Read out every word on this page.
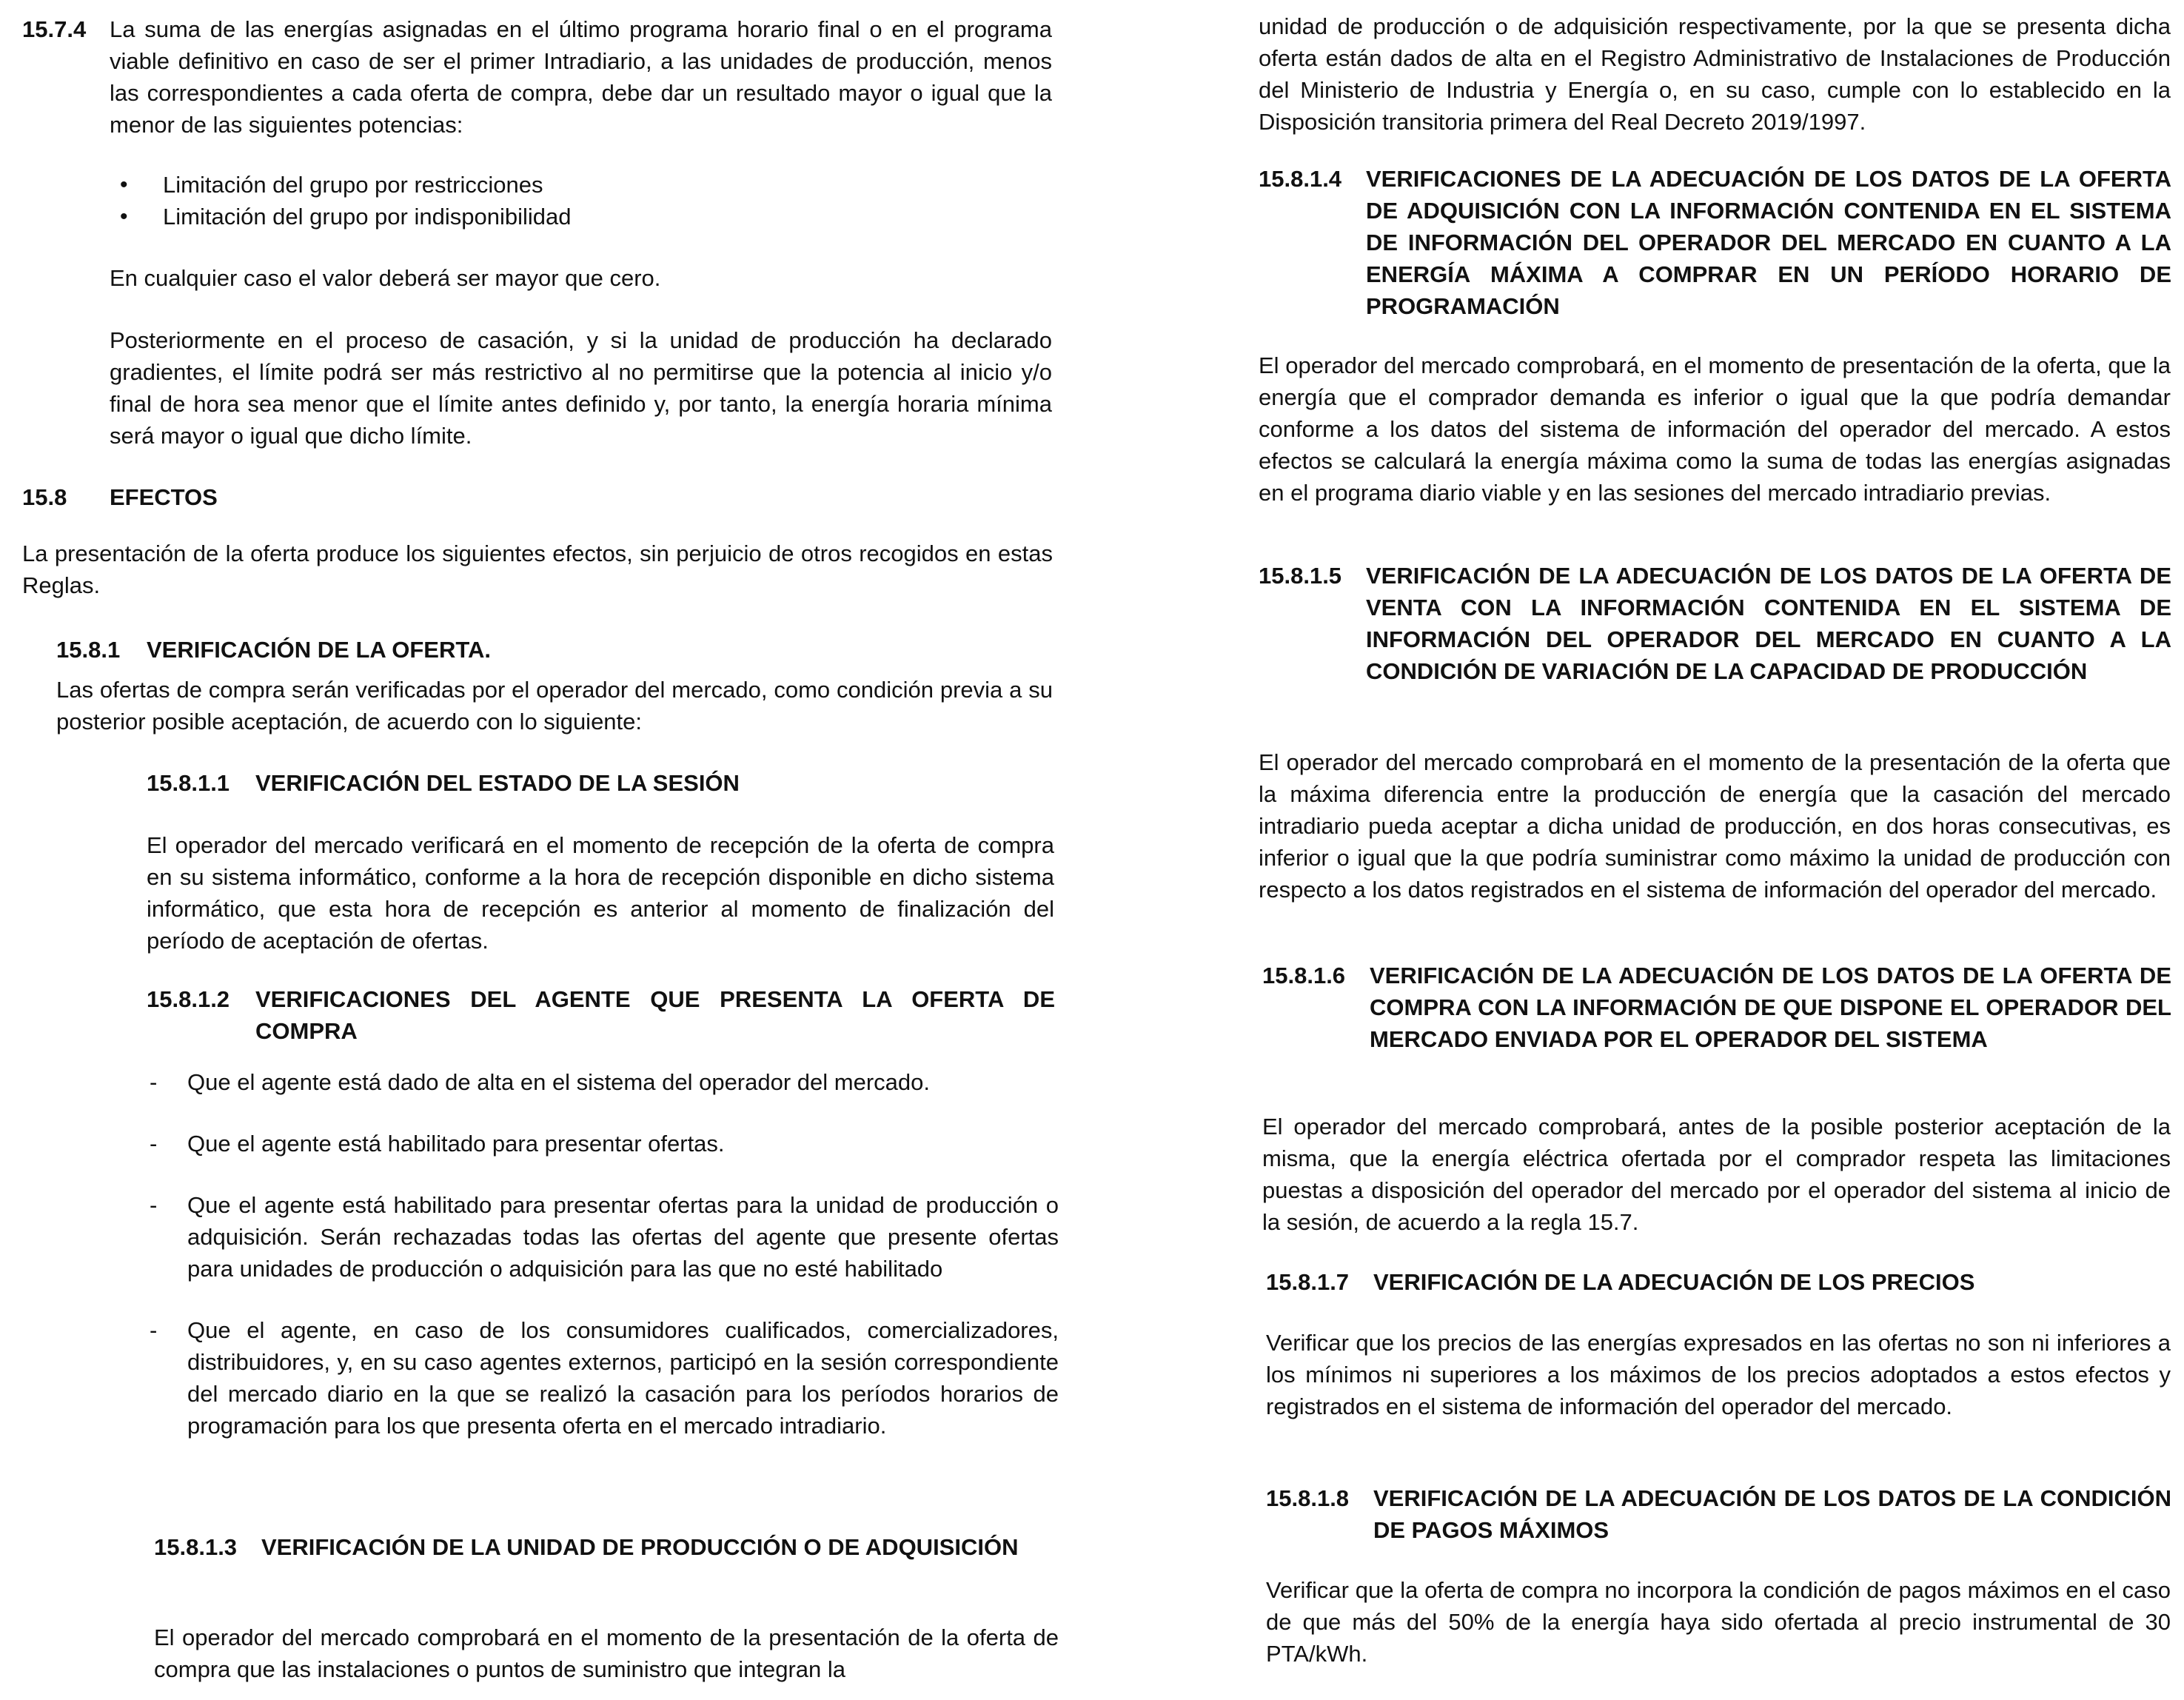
15.7.4 La suma de las energías asignadas en el último programa horario final o en el programa viable definitivo en caso de ser el primer Intradiario, a las unidades de producción, menos las correspondientes a cada oferta de compra, debe dar un resultado mayor o igual que la menor de las siguientes potencias:

• Limitación del grupo por restricciones
• Limitación del grupo por indisponibilidad

En cualquier caso el valor deberá ser mayor que cero.

Posteriormente en el proceso de casación, y si la unidad de producción ha declarado gradientes, el límite podrá ser más restrictivo al no permitirse que la potencia al inicio y/o final de hora sea menor que el límite antes definido y, por tanto, la energía horaria mínima será mayor o igual que dicho límite.

15.8 EFECTOS

La presentación de la oferta produce los siguientes efectos, sin perjuicio de otros recogidos en estas Reglas.

15.8.1 VERIFICACIÓN DE LA OFERTA.

Las ofertas de compra serán verificadas por el operador del mercado, como condición previa a su posterior posible aceptación, de acuerdo con lo siguiente:

15.8.1.1 VERIFICACIÓN DEL ESTADO DE LA SESIÓN

El operador del mercado verificará en el momento de recepción de la oferta de compra en su sistema informático, conforme a la hora de recepción disponible en dicho sistema informático, que esta hora de recepción es anterior al momento de finalización del período de aceptación de ofertas.

15.8.1.2 VERIFICACIONES DEL AGENTE QUE PRESENTA LA OFERTA DE COMPRA
- Que el agente está dado de alta en el sistema del operador del mercado.
- Que el agente está habilitado para presentar ofertas.
- Que el agente está habilitado para presentar ofertas para la unidad de producción o adquisición. Serán rechazadas todas las ofertas del agente que presente ofertas para unidades de producción o adquisición para las que no esté habilitado
- Que el agente, en caso de los consumidores cualificados, comercializadores, distribuidores, y, en su caso agentes externos, participó en la sesión correspondiente del mercado diario en la que se realizó la casación para los períodos horarios de programación para los que presenta oferta en el mercado intradiario.
15.8.1.3 VERIFICACIÓN DE LA UNIDAD DE PRODUCCIÓN O DE ADQUISICIÓN

El operador del mercado comprobará en el momento de la presentación de la oferta de compra que las instalaciones o puntos de suministro que integran la

unidad de producción o de adquisición respectivamente, por la que se presenta dicha oferta están dados de alta en el Registro Administrativo de Instalaciones de Producción del Ministerio de Industria y Energía o, en su caso, cumple con lo establecido en la Disposición transitoria primera del Real Decreto 2019/1997.

15.8.1.4 VERIFICACIONES DE LA ADECUACIÓN DE LOS DATOS DE LA OFERTA DE ADQUISICIÓN CON LA INFORMACIÓN CONTENIDA EN EL SISTEMA DE INFORMACIÓN DEL OPERADOR DEL MERCADO EN CUANTO A LA ENERGÍA MÁXIMA A COMPRAR EN UN PERÍODO HORARIO DE PROGRAMACIÓN

El operador del mercado comprobará, en el momento de presentación de la oferta, que la energía que el comprador demanda es inferior o igual que la que podría demandar conforme a los datos del sistema de información del operador del mercado. A estos efectos se calculará la energía máxima como la suma de todas las energías asignadas en el programa diario viable y en las sesiones del mercado intradiario previas.

15.8.1.5 VERIFICACIÓN DE LA ADECUACIÓN DE LOS DATOS DE LA OFERTA DE VENTA CON LA INFORMACIÓN CONTENIDA EN EL SISTEMA DE INFORMACIÓN DEL OPERADOR DEL MERCADO EN CUANTO A LA CONDICIÓN DE VARIACIÓN DE LA CAPACIDAD DE PRODUCCIÓN

El operador del mercado comprobará en el momento de la presentación de la oferta que la máxima diferencia entre la producción de energía que la casación del mercado intradiario pueda aceptar a dicha unidad de producción, en dos horas consecutivas, es inferior o igual que la que podría suministrar como máximo la unidad de producción con respecto a los datos registrados en el sistema de información del operador del mercado.

15.8.1.6 VERIFICACIÓN DE LA ADECUACIÓN DE LOS DATOS DE LA OFERTA DE COMPRA CON LA INFORMACIÓN DE QUE DISPONE EL OPERADOR DEL MERCADO ENVIADA POR EL OPERADOR DEL SISTEMA

El operador del mercado comprobará, antes de la posible posterior aceptación de la misma, que la energía eléctrica ofertada por el comprador respeta las limitaciones puestas a disposición del operador del mercado por el operador del sistema al inicio de la sesión, de acuerdo a la regla 15.7.

15.8.1.7 VERIFICACIÓN DE LA ADECUACIÓN DE LOS PRECIOS

Verificar que los precios de las energías expresados en las ofertas no son ni inferiores a los mínimos ni superiores a los máximos de los precios adoptados a estos efectos y registrados en el sistema de información del operador del mercado.

15.8.1.8 VERIFICACIÓN DE LA ADECUACIÓN DE LOS DATOS DE LA CONDICIÓN DE PAGOS MÁXIMOS

Verificar que la oferta de compra no incorpora la condición de pagos máximos en el caso de que más del 50% de la energía haya sido ofertada al precio instrumental de 30 PTA/kWh.
